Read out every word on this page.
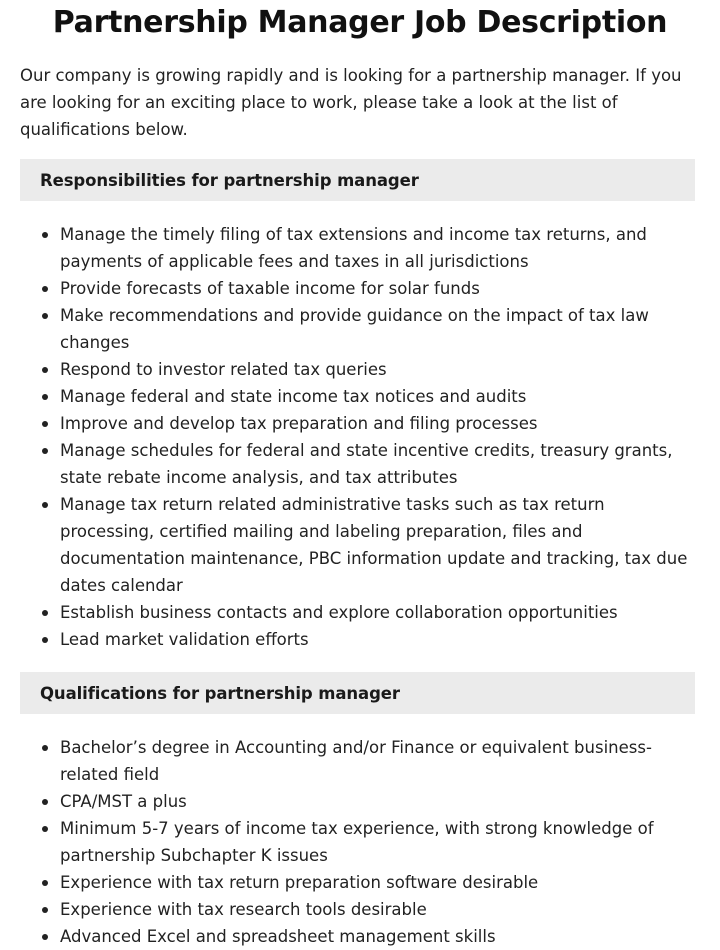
Partnership Manager Job Description

Our company is growing rapidly and is looking for a partnership manager. If you are looking for an exciting place to work, please take a look at the list of qualifications below.

Responsibilities for partnership manager
Manage the timely filing of tax extensions and income tax returns, and payments of applicable fees and taxes in all jurisdictions
Provide forecasts of taxable income for solar funds
Make recommendations and provide guidance on the impact of tax law changes
Respond to investor related tax queries
Manage federal and state income tax notices and audits
Improve and develop tax preparation and filing processes
Manage schedules for federal and state incentive credits, treasury grants, state rebate income analysis, and tax attributes
Manage tax return related administrative tasks such as tax return processing, certified mailing and labeling preparation, files and documentation maintenance, PBC information update and tracking, tax due dates calendar
Establish business contacts and explore collaboration opportunities
Lead market validation efforts
Qualifications for partnership manager
Bachelor’s degree in Accounting and/or Finance or equivalent business-related field
CPA/MST a plus
Minimum 5-7 years of income tax experience, with strong knowledge of partnership Subchapter K issues
Experience with tax return preparation software desirable
Experience with tax research tools desirable
Advanced Excel and spreadsheet management skills
